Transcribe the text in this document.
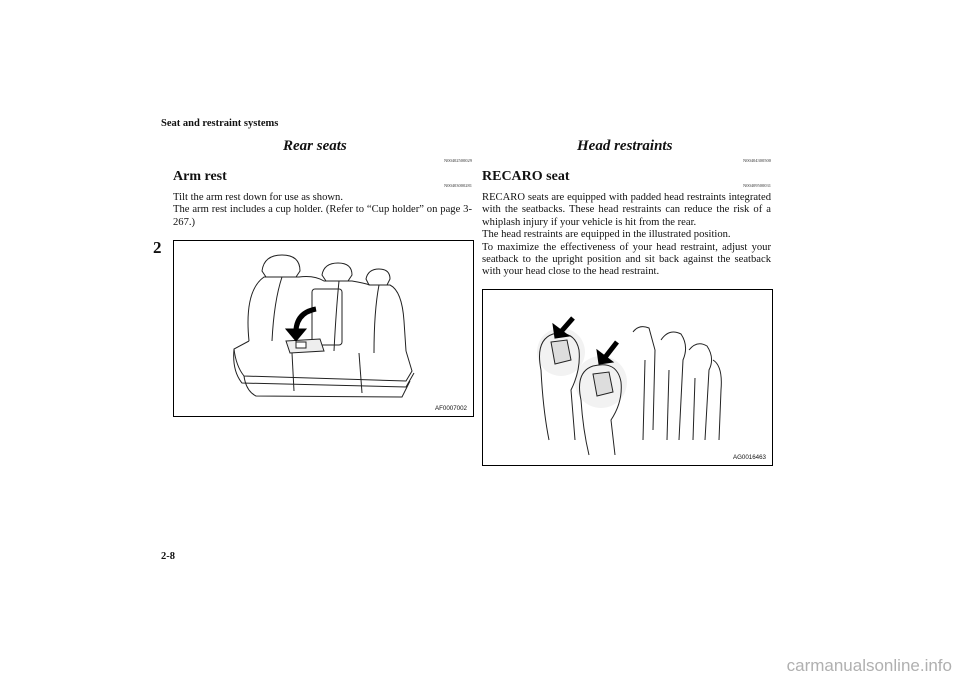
Seat and restraint systems
2
Rear seats
N00402500029
Arm rest
N00403000281

Tilt the arm rest down for use as shown.

The arm rest includes a cup holder. (Refer to “Cup holder” on page 3-267.)

AF0007002
Head restraints
N00404300500
RECARO seat
N00409500031

RECARO seats are equipped with padded head restraints integrated with the seatbacks. These head restraints can reduce the risk of a whiplash injury if your vehicle is hit from the rear.

The head restraints are equipped in the illustrated position.

To maximize the effectiveness of your head restraint, adjust your seatback to the upright position and sit back against the seatback with your head close to the head restraint.

AG0016463
2-8
carmanualsonline.info
